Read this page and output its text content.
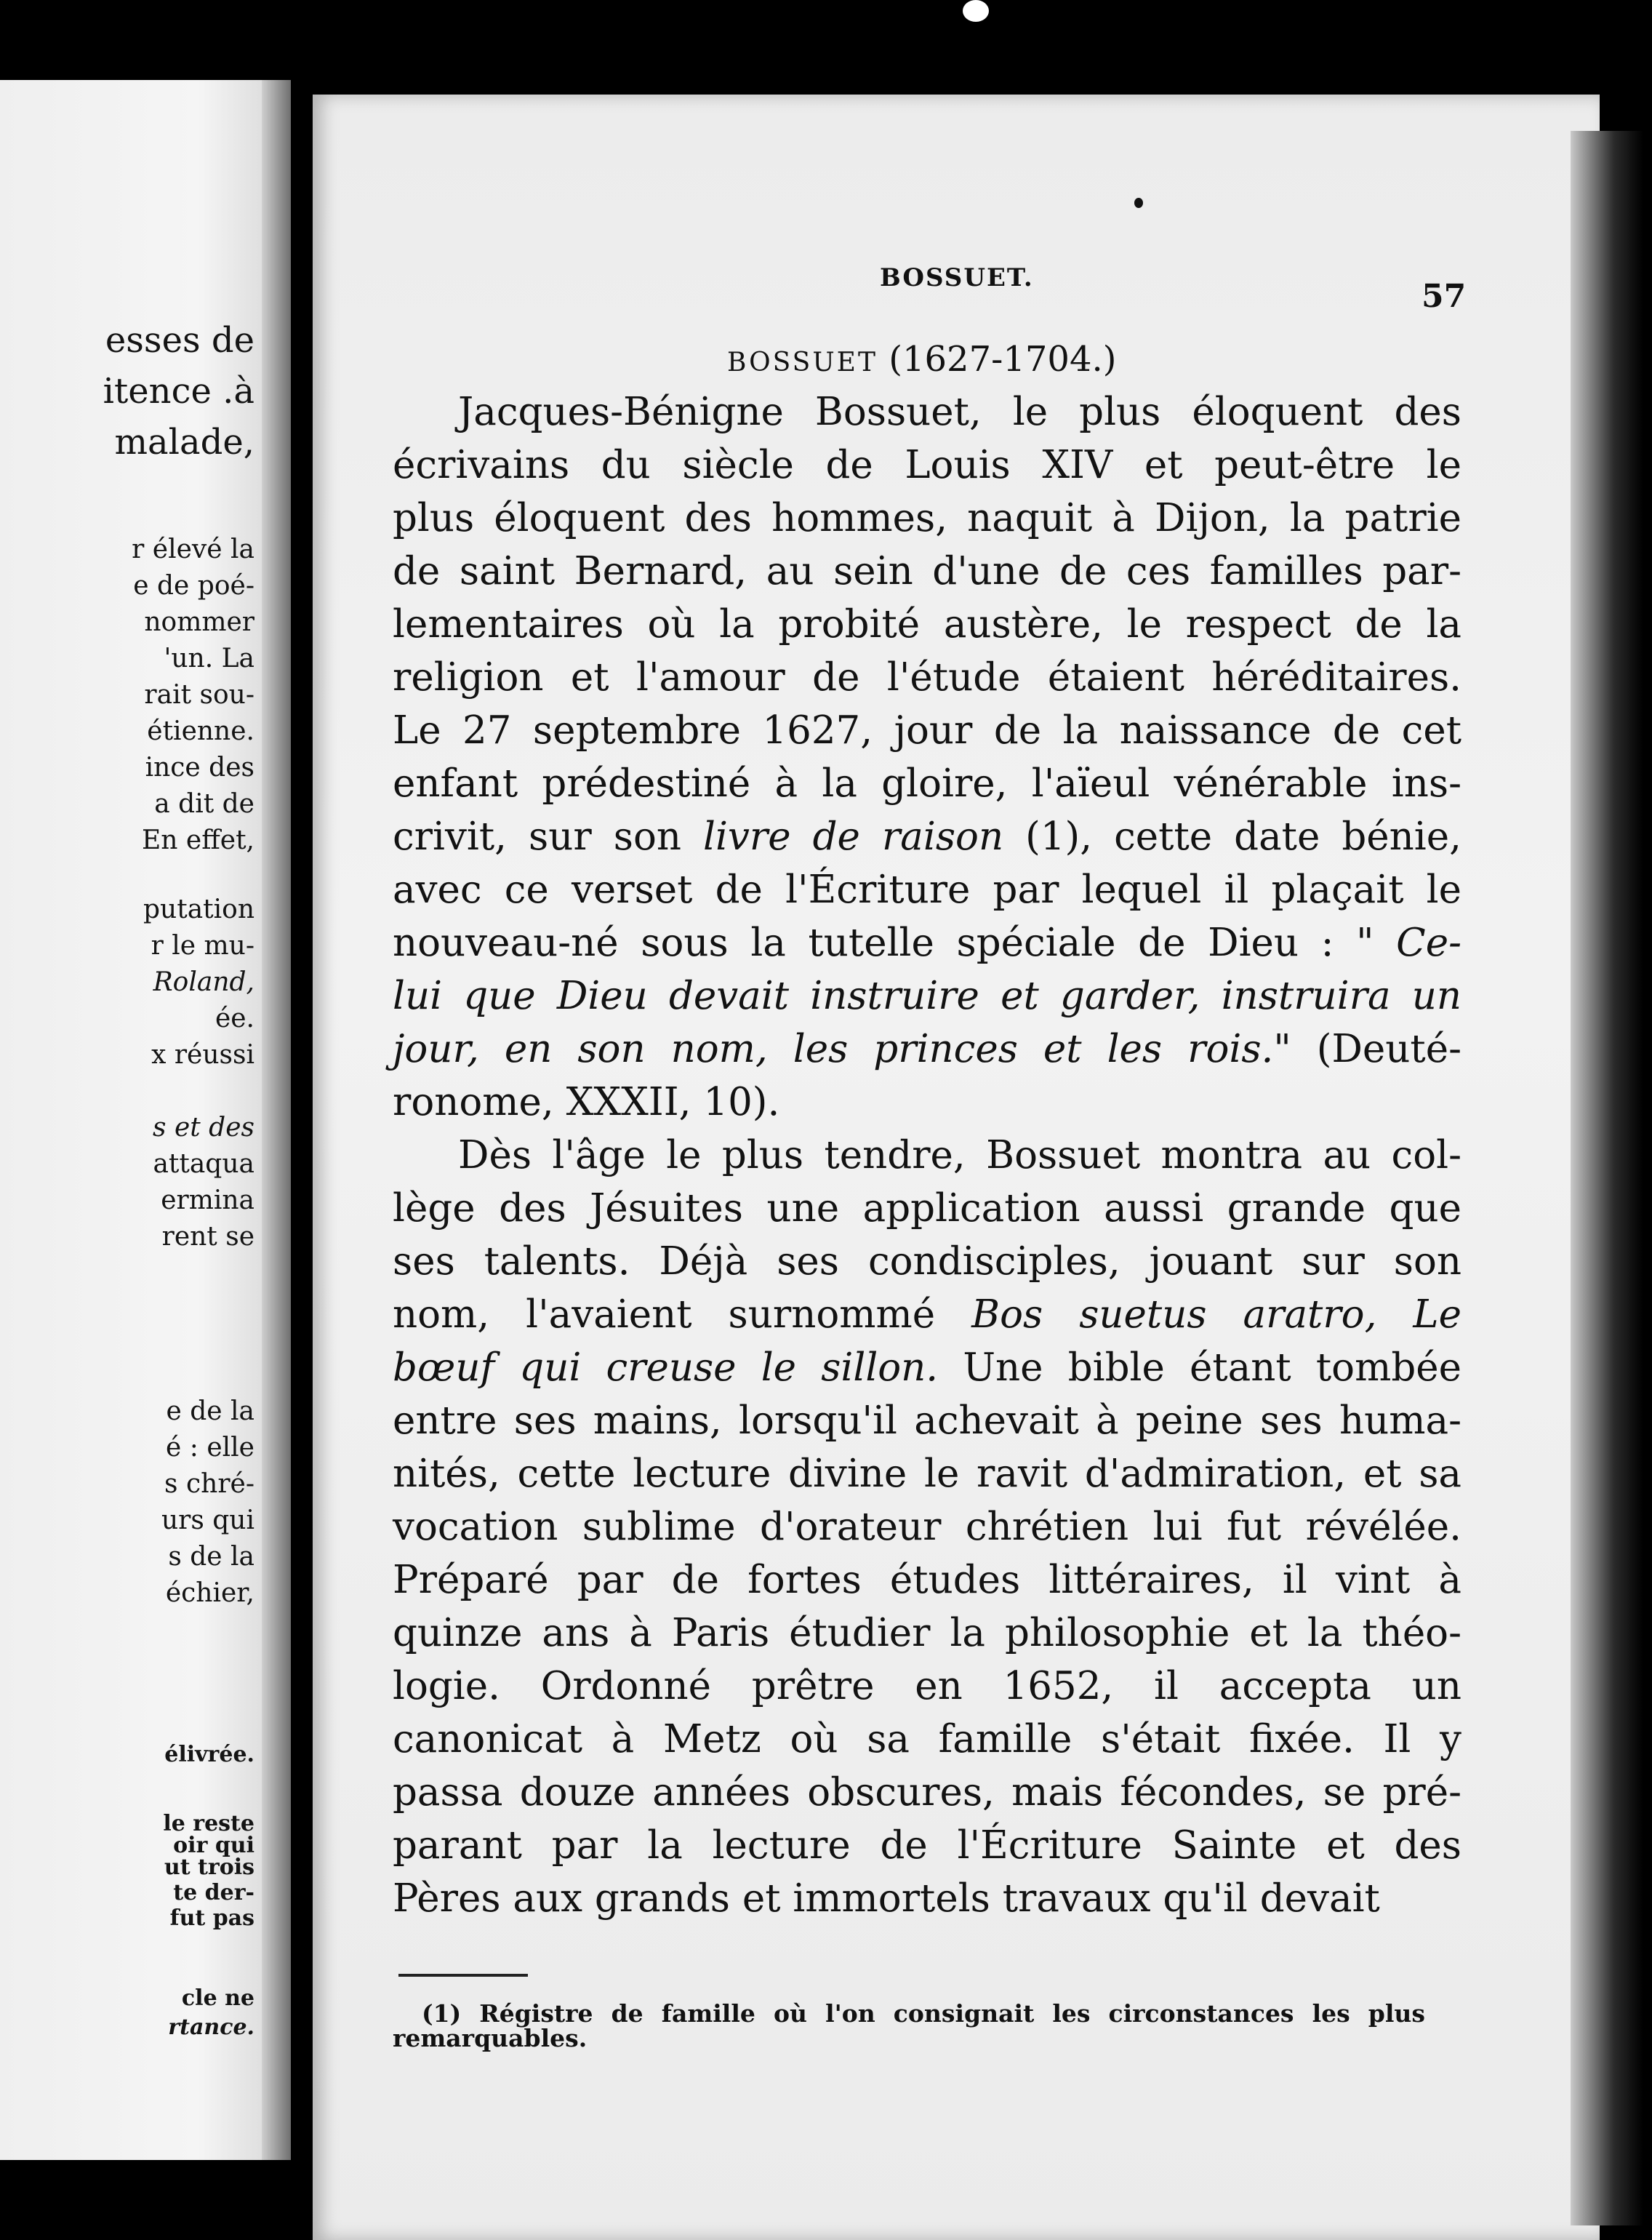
esses de
itence .à
malade,
r élevé la
e de poé-
nommer
'un. La
rait sou-
étienne.
ince des
a dit de
En effet,
putation
r le mu-
Roland,
ée.
x réussi
s et des
attaqua
ermina
rent se
e de la
é : elle
s chré-
urs qui
s de la
échier,
élivrée.
le reste
oir qui
ut trois
te der-
fut pas
cle ne
rtance.
BOSSUET.	57
BOSSUET (1627-1704.)
Jacques-Bénigne Bossuet, le plus éloquent des
écrivains du siècle de Louis XIV et peut-être le
plus éloquent des hommes, naquit à Dijon, la patrie
de saint Bernard, au sein d'une de ces familles par-
lementaires où la probité austère, le respect de la
religion et l'amour de l'étude étaient héréditaires.
Le 27 septembre 1627, jour de la naissance de cet
enfant prédestiné à la gloire, l'aïeul vénérable ins-
crivit, sur son livre de raison (1), cette date bénie,
avec ce verset de l'Écriture par lequel il plaçait le
nouveau-né sous la tutelle spéciale de Dieu : " Ce-
lui que Dieu devait instruire et garder, instruira un
jour, en son nom, les princes et les rois." (Deuté-
ronome, XXXII, 10).
Dès l'âge le plus tendre, Bossuet montra au col-
lège des Jésuites une application aussi grande que
ses talents. Déjà ses condisciples, jouant sur son
nom, l'avaient surnommé Bos suetus aratro, Le
bœuf qui creuse le sillon. Une bible étant tombée
entre ses mains, lorsqu'il achevait à peine ses huma-
nités, cette lecture divine le ravit d'admiration, et sa
vocation sublime d'orateur chrétien lui fut révélée.
Préparé par de fortes études littéraires, il vint à
quinze ans à Paris étudier la philosophie et la théo-
logie. Ordonné prêtre en 1652, il accepta un
canonicat à Metz où sa famille s'était fixée. Il y
passa douze années obscures, mais fécondes, se pré-
parant par la lecture de l'Écriture Sainte et des
Pères aux grands et immortels travaux qu'il devait
(1) Régistre de famille où l'on consignait les circonstances les plus
remarquables.
